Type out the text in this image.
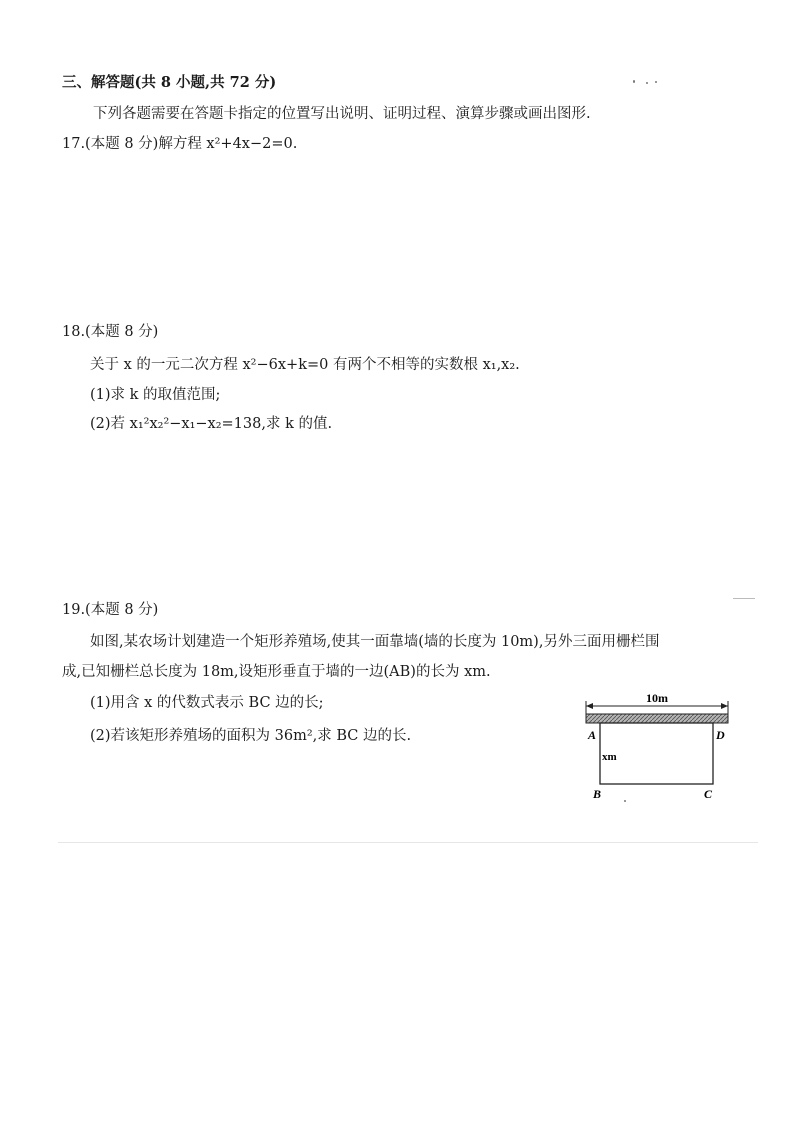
三、解答题(共 8 小题,共 72 分)
下列各题需要在答题卡指定的位置写出说明、证明过程、演算步骤或画出图形.
17.(本题 8 分)解方程 x²+4x−2=0.
18.(本题 8 分)
关于 x 的一元二次方程 x²−6x+k=0 有两个不相等的实数根 x₁,x₂.
(1)求 k 的取值范围;
(2)若 x₁²x₂²−x₁−x₂=138,求 k 的值.
19.(本题 8 分)
如图,某农场计划建造一个矩形养殖场,使其一面靠墙(墙的长度为 10m),另外三面用栅栏围
成,已知栅栏总长度为 18m,设矩形垂直于墙的一边(AB)的长为 xm.
(1)用含 x 的代数式表示 BC 边的长;
(2)若该矩形养殖场的面积为 36m²,求 BC 边的长.
10m
A	D
B	C
xm
